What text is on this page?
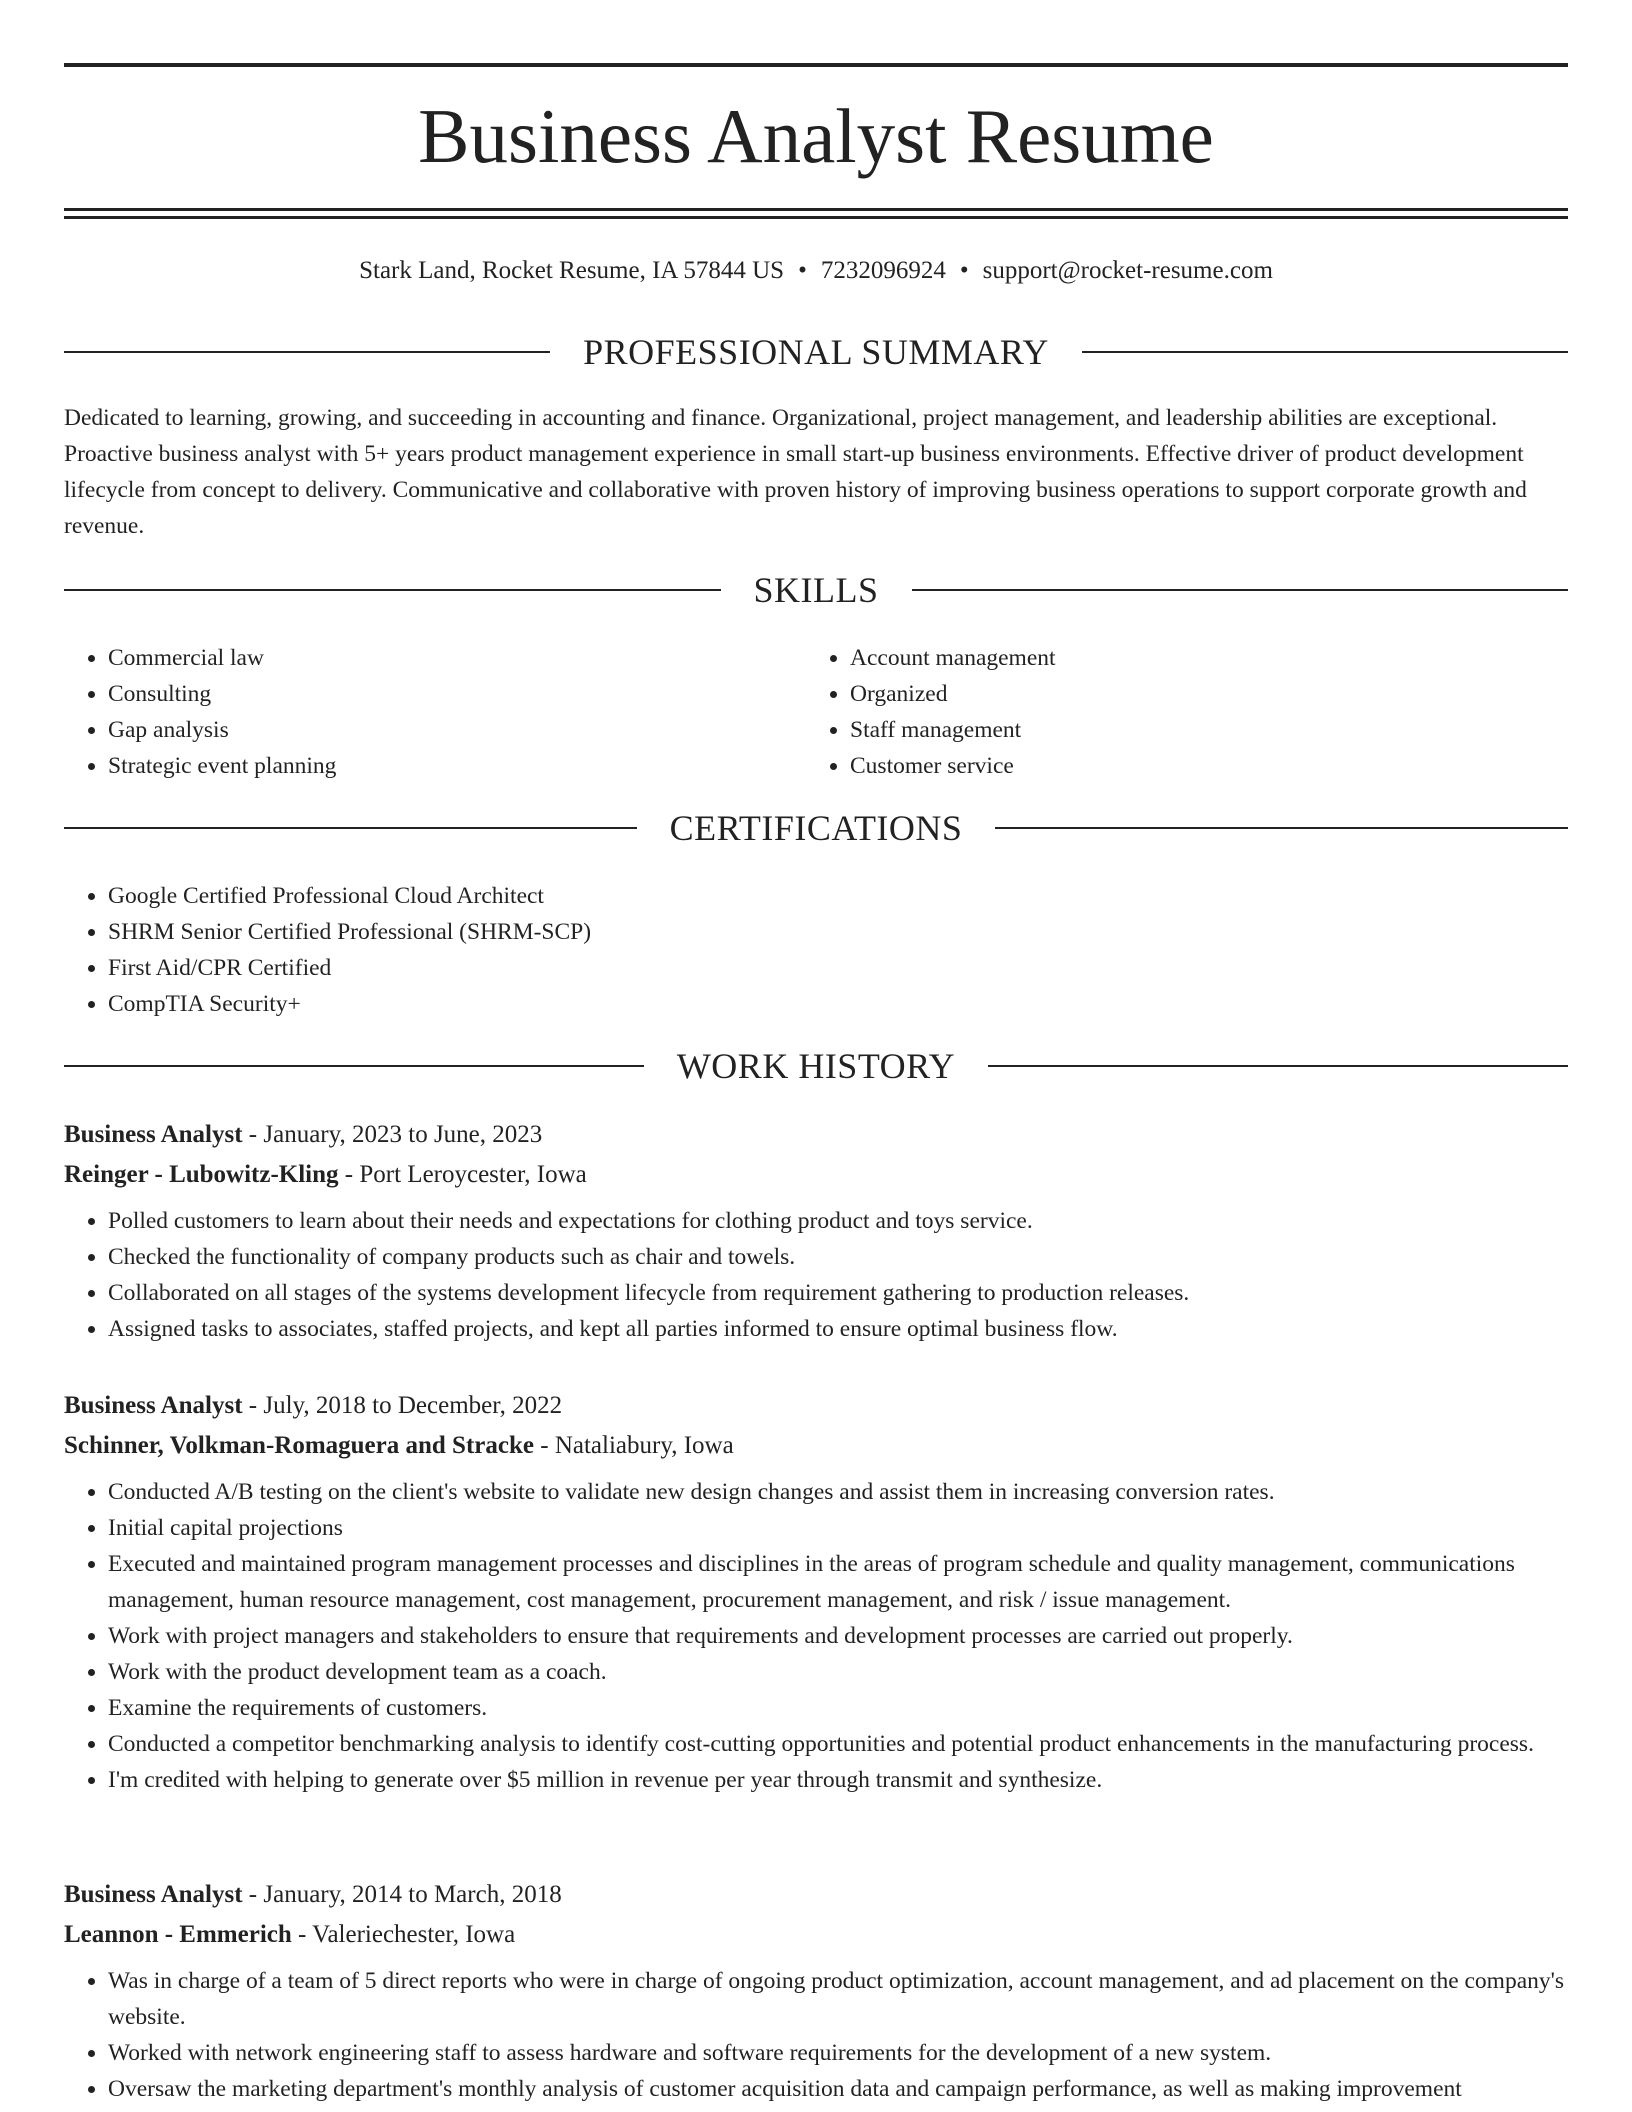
Business Analyst Resume
Stark Land, Rocket Resume, IA 57844 US • 7232096924 • support@rocket-resume.com
PROFESSIONAL SUMMARY

Dedicated to learning, growing, and succeeding in accounting and finance. Organizational, project management, and leadership abilities are exceptional. Proactive business analyst with 5+ years product management experience in small start-up business environments. Effective driver of product development lifecycle from concept to delivery. Communicative and collaborative with proven history of improving business operations to support corporate growth and revenue.

SKILLS
• Commercial law
• Consulting
• Gap analysis
• Strategic event planning
• Account management
• Organized
• Staff management
• Customer service
CERTIFICATIONS
• Google Certified Professional Cloud Architect
• SHRM Senior Certified Professional (SHRM-SCP)
• First Aid/CPR Certified
• CompTIA Security+
WORK HISTORY
Business Analyst - January, 2023 to June, 2023
Reinger - Lubowitz-Kling - Port Leroycester, Iowa
• Polled customers to learn about their needs and expectations for clothing product and toys service.
• Checked the functionality of company products such as chair and towels.
• Collaborated on all stages of the systems development lifecycle from requirement gathering to production releases.
• Assigned tasks to associates, staffed projects, and kept all parties informed to ensure optimal business flow.
Business Analyst - July, 2018 to December, 2022
Schinner, Volkman-Romaguera and Stracke - Nataliabury, Iowa
• Conducted A/B testing on the client's website to validate new design changes and assist them in increasing conversion rates.
• Initial capital projections
• Executed and maintained program management processes and disciplines in the areas of program schedule and quality management, communications management, human resource management, cost management, procurement management, and risk / issue management.
• Work with project managers and stakeholders to ensure that requirements and development processes are carried out properly.
• Work with the product development team as a coach.
• Examine the requirements of customers.
• Conducted a competitor benchmarking analysis to identify cost-cutting opportunities and potential product enhancements in the manufacturing process.
• I'm credited with helping to generate over $5 million in revenue per year through transmit and synthesize.
Business Analyst - January, 2014 to March, 2018
Leannon - Emmerich - Valeriechester, Iowa
• Was in charge of a team of 5 direct reports who were in charge of ongoing product optimization, account management, and ad placement on the company's website.
• Worked with network engineering staff to assess hardware and software requirements for the development of a new system.
• Oversaw the marketing department's monthly analysis of customer acquisition data and campaign performance, as well as making improvement
